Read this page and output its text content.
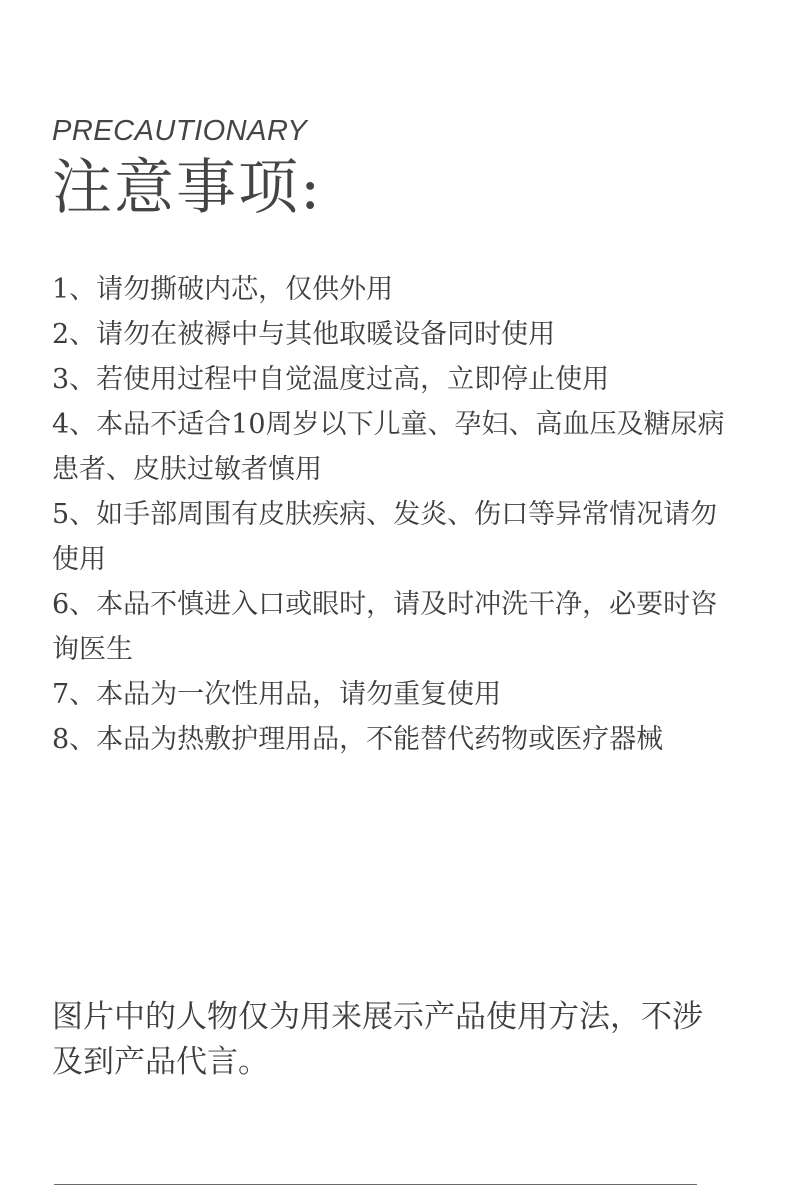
PRECAUTIONARY
注意事项:
1、请勿撕破内芯，仅供外用
2、请勿在被褥中与其他取暖设备同时使用
3、若使用过程中自觉温度过高，立即停止使用
4、本品不适合10周岁以下儿童、孕妇、高血压及糖尿病患者、皮肤过敏者慎用
5、如手部周围有皮肤疾病、发炎、伤口等异常情况请勿使用
6、本品不慎进入口或眼时，请及时冲洗干净，必要时咨询医生
7、本品为一次性用品，请勿重复使用
8、本品为热敷护理用品，不能替代药物或医疗器械
图片中的人物仅为用来展示产品使用方法，不涉及到产品代言。
